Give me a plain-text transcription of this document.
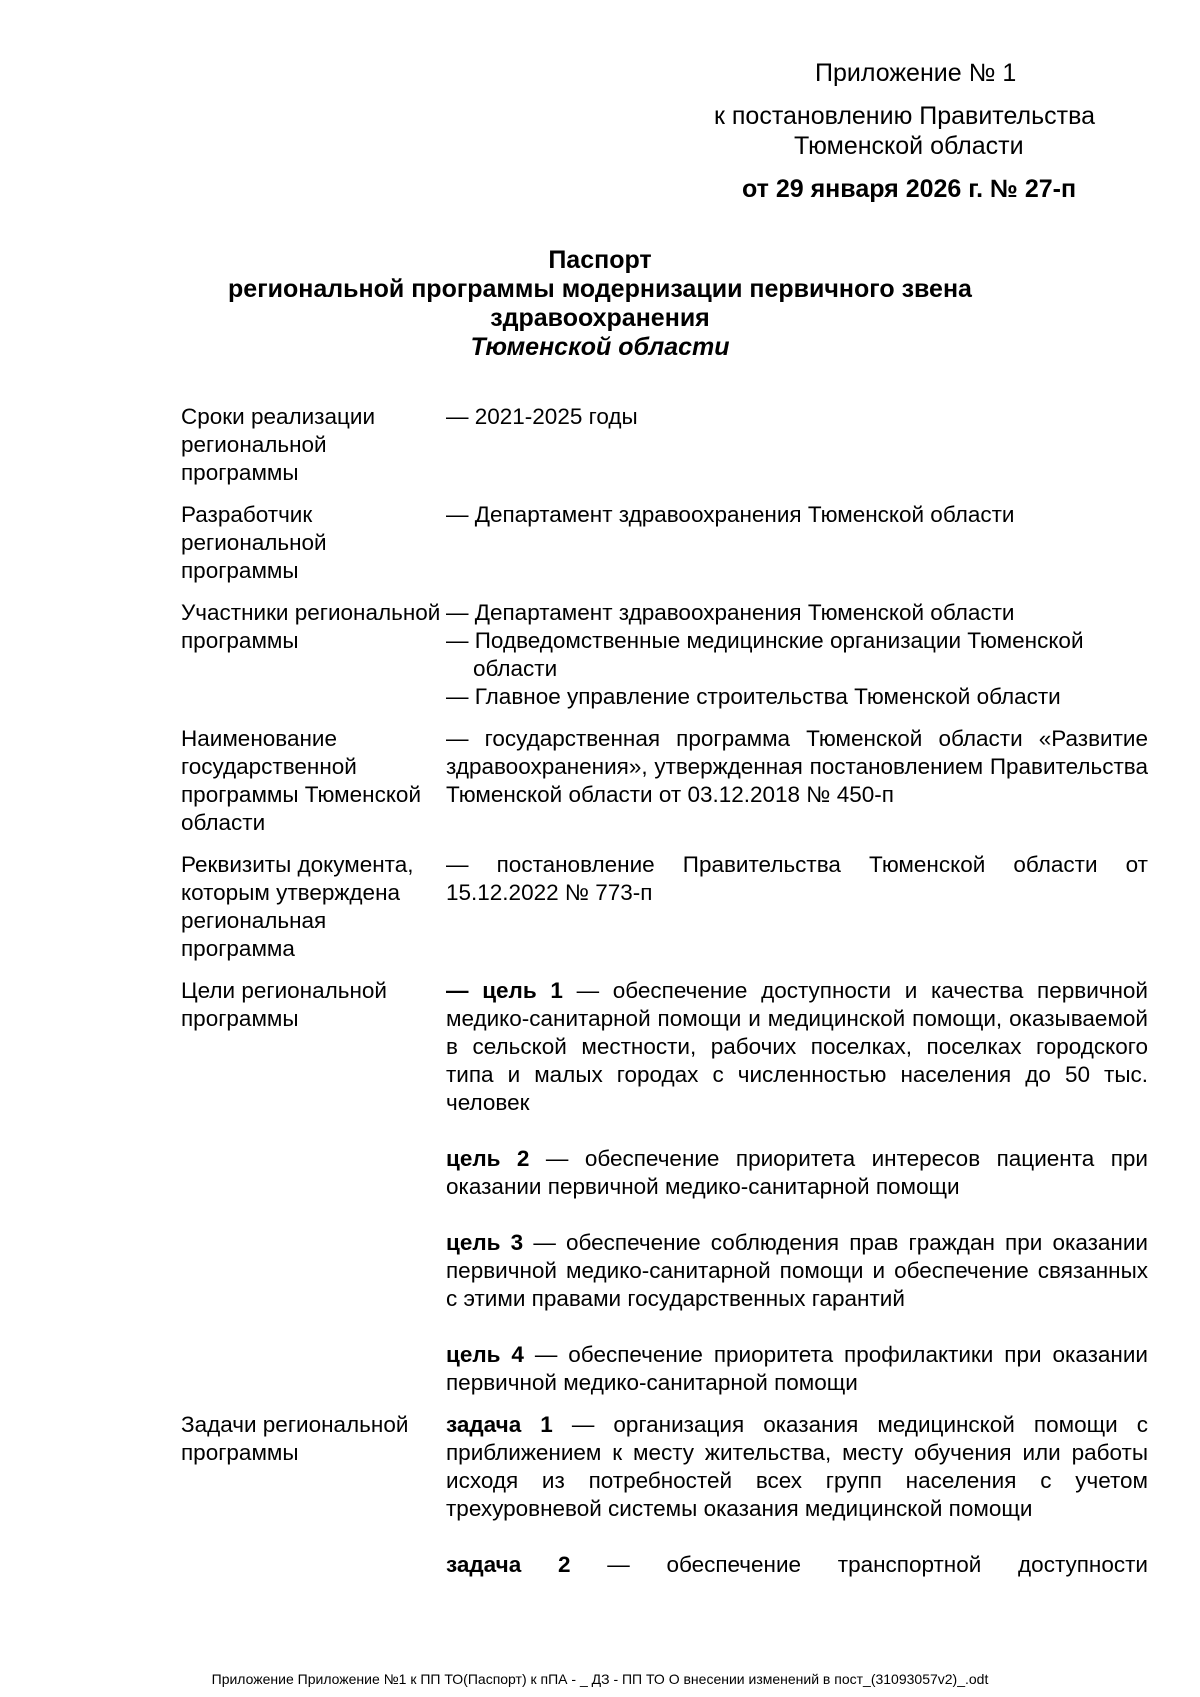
Приложение № 1
к постановлению Правительства
Тюменской области
от 29 января 2026 г. № 27-п
Паспорт
региональной программы модернизации первичного звена
здравоохранения
Тюменской области
Сроки реализации региональной программы
— 2021-2025 годы
Разработчик региональной программы
— Департамент здравоохранения Тюменской области
Участники региональной программы
— Департамент здравоохранения Тюменской области
— Подведомственные медицинские организации Тюменской области
— Главное управление строительства Тюменской области
Наименование государственной программы Тюменской области
— государственная программа Тюменской области «Развитие здравоохранения», утвержденная постановлением Правительства Тюменской области от 03.12.2018 № 450-п
Реквизиты документа, которым утверждена региональная программа
— постановление Правительства Тюменской области от 15.12.2022 № 773-п
Цели региональной программы
— цель 1 — обеспечение доступности и качества первичной медико-санитарной помощи и медицинской помощи, оказываемой в сельской местности, рабочих поселках, поселках городского типа и малых городах с численностью населения до 50 тыс. человек
цель 2 — обеспечение приоритета интересов пациента при оказании первичной медико-санитарной помощи
цель 3 — обеспечение соблюдения прав граждан при оказании первичной медико-санитарной помощи и обеспечение связанных с этими правами государственных гарантий
цель 4 — обеспечение приоритета профилактики при оказании первичной медико-санитарной помощи
Задачи региональной программы
задача 1 — организация оказания медицинской помощи с приближением к месту жительства, месту обучения или работы исходя из потребностей всех групп населения с учетом трехуровневой системы оказания медицинской помощи
задача 2 — обеспечение транспортной доступности
Приложение Приложение №1 к ПП ТО(Паспорт) к пПА - _ ДЗ - ПП ТО О внесении изменений в пост_(31093057v2)_.odt
